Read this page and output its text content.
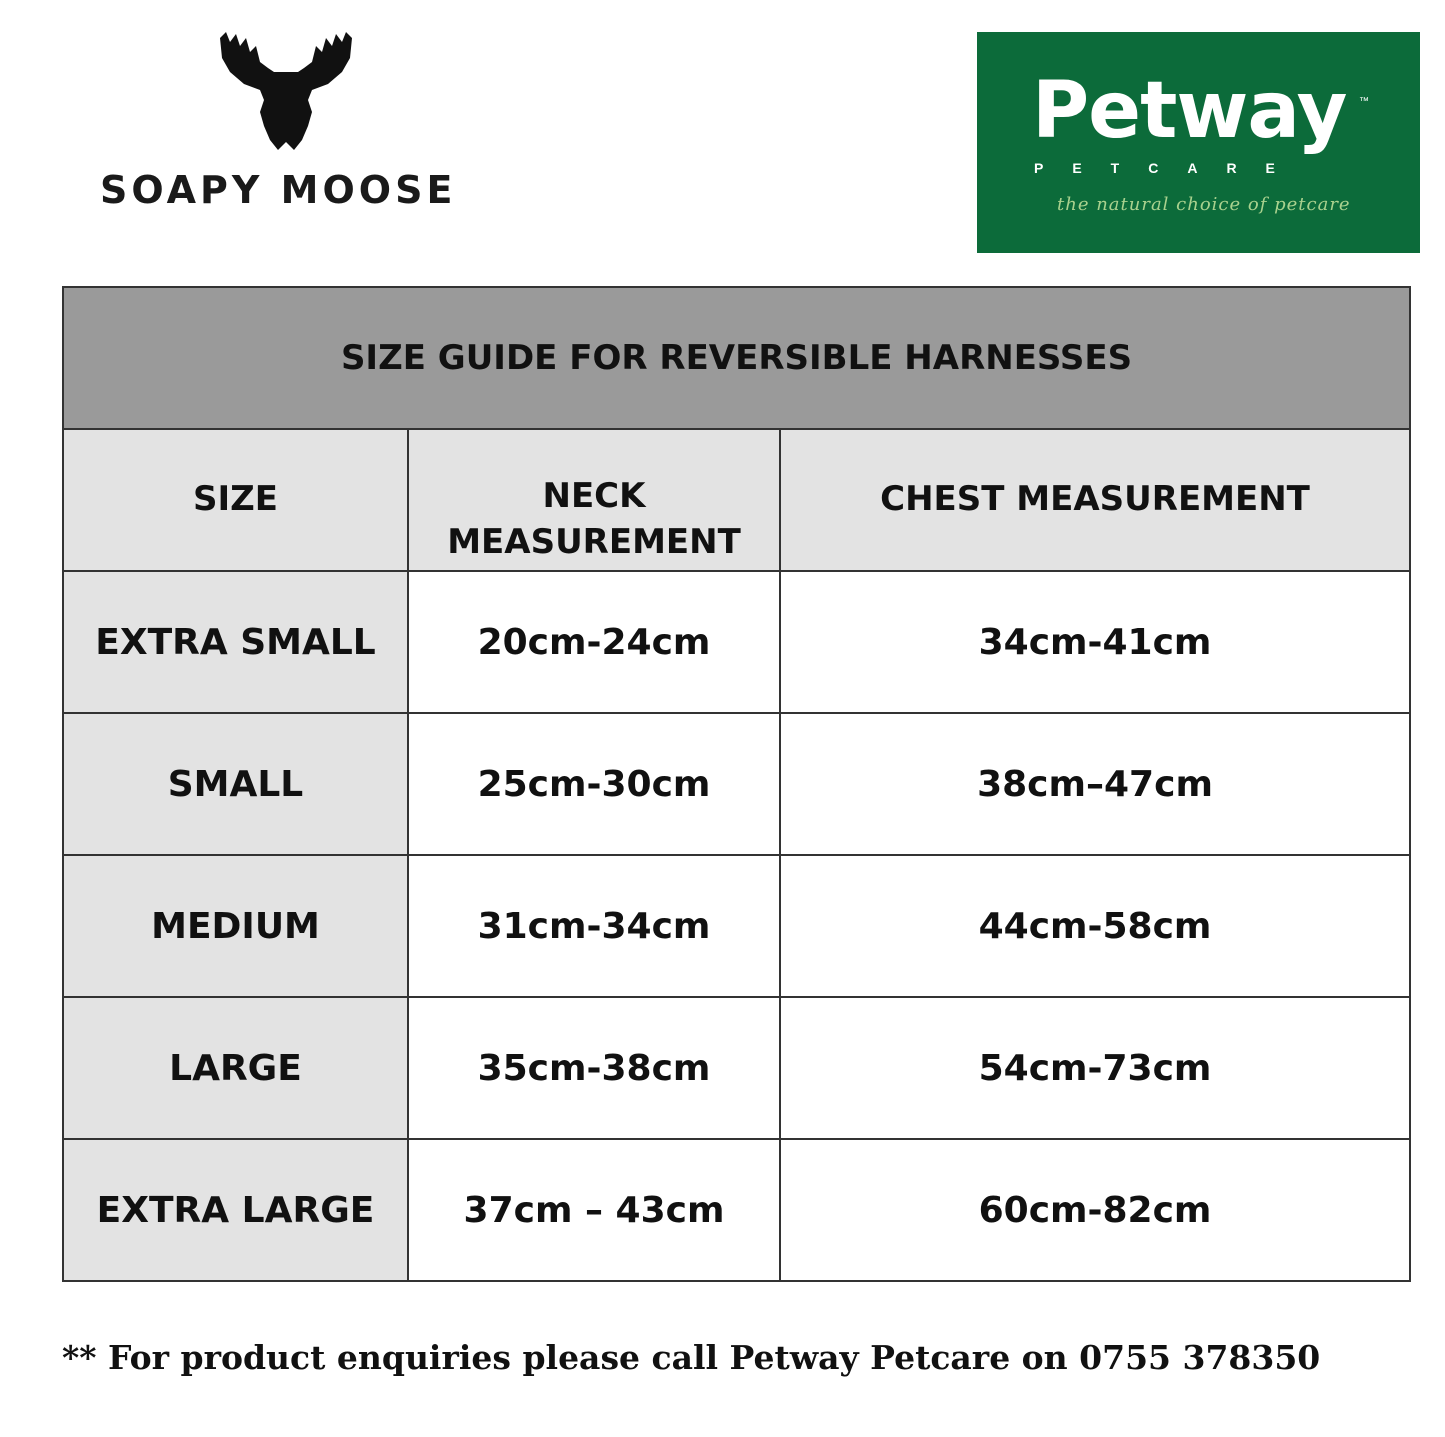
SOAPY MOOSE
Petway ™
PETCARE
the natural choice of petcare
SIZE GUIDE FOR REVERSIBLE HARNESSES		
SIZE	NECK MEASUREMENT	CHEST MEASUREMENT
EXTRA SMALL	20cm-24cm	34cm-41cm
SMALL	25cm-30cm	38cm–47cm
MEDIUM	31cm-34cm	44cm-58cm
LARGE	35cm-38cm	54cm-73cm
EXTRA LARGE	37cm – 43cm	60cm-82cm
** For product enquiries please call Petway Petcare on 0755 378350
